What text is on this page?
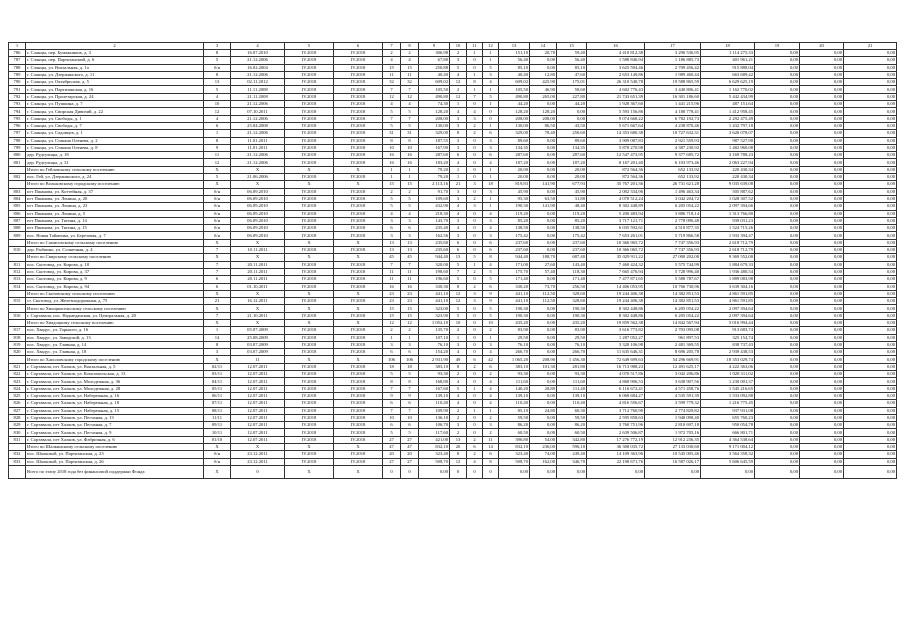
1	2	3	4	5	6	7	8	9	10	11	12	13	14	15	16	17	18	19	20	21
786	г. Сланцы, пер. Бумажников, д. 3	8	16.07.2010	IV.2018	IV.2018	2	2	306,98	2	1	1	151,10	20,70	59,40	4 410 812,38	3 296 536,95	1 114 275,33	0,00	0,00	0,00
787	г. Сланцы, пер. Партизанский, д. 6	5	21.12.2006	IV.2018	IV.2018	4	4	67,80	3	0	1	56,40	0,00	56,40	1 588 846,94	1 186 885,73	401 961,21	0,00	0,00	0,00
788	г. Сланцы, ул. Вокзальная, д. 1а	б/н	16.02.2004	IV.2018	IV.2018	15	15	250,88	5	0	5	85,10	0,00	85,10	3 625 594,46	2 709 456,42	915 888,04	0,00	0,00	0,00
789	г. Сланцы, ул. Дзержинского, д. 11	8	21.12.2006	IV.2018	IV.2018	11	11	40,40	4	1	3	40,40	12,80	47,60	2 653 149,86	1 989 460,44	663 689,42	0,00	0,00	0,00
790	г. Сланцы, ул. Октябрьская, д. 5	13	02.11.2012	IV.2018	IV.2018	32	32	609,02	12	8	4	609,02	425,90	175,01	26 310 540,78	19 588 865,59	6 629 625,19	0,00	0,00	0,00
791	г. Сланцы, ул. Партизанская, д. 16	5	11.11.2008	IV.2018	IV.2018	7	7	105,50	2	1	1	105,50	46,90	58,60	4 602 776,43	3 440 806,41	1 162 770,02	0,00	0,00	0,00
792	г. Сланцы, ул. Пролетарская, д. 24	4	21.11.2008	IV.2018	IV.2018	12	12	490,80	12	7	5	490,80	265,00	227,80	21 743 651,39	16 301 186,60	5 442 434,99	0,00	0,00	0,00
793	г. Сланцы, ул. Пушкина, д. 7	10	21.12.2006	IV.2018	IV.2018	4	4	74,30	1	0	1	44,20	0,00	44,20	1 928 367,60	1 441 215,96	487 151,64	0,00	0,00	0,00
794	г. Сланцы, ул. Свирская Дивизий, д. 22	12	07.10.2011	IV.2018	IV.2018	5	5	128,20	4	4	0	128,20	128,20	0,00	5 593 156,86	4 180 778,41	1 412 958,45	0,00	0,00	0,00
795	г. Сланцы, ул. Свободы, д. 1	4	21.12.2006	IV.2018	IV.2018	7	7	208,00	3	3	0	208,00	208,00	0,00	9 074 668,22	6 782 192,73	2 292 475,49	0,00	0,00	0,00
796	г. Сланцы, ул. Свободы, д. 7	6	25.04.2008	IV.2018	IV.2018	5	5	130,00	3	2	1	130,00	86,50	43,50	5 671 667,64	4 238 870,46	1 432 797,18	0,00	0,00	0,00
797	г. Сланцы, ул. Садовцев, д. 1	1	21.12.2006	IV.2018	IV.2018	31	31	329,00	8	2	6	329,00	78,40	250,60	14 353 680,38	10 727 632,31	3 626 078,07	0,00	0,00	0,00
798	г. Сланцы, ул. Стакана Оленева, д. 2	8	11.01.2011	IV.2018	IV.2018	8	8	187,55	3	0	3	89,60	0,00	89,60	3 909 087,83	2 921 559,93	987 527,90	0,00	0,00	0,00
799	г. Сланцы, ул. Стакана Оленева, д. 8	9	11.01.2011	IV.2018	IV.2018	10	10	167,90	3	0	3	134,35	0,00	134,35	5 870 270,98	4 387 230,92	1 482 960,08	0,00	0,00	0,00
800	дер. Рудтулицы, д. 18	11	21.12.2006	IV.2018	IV.2018	16	16	287,60	6	0	6	287,60	0,00	287,60	12 547 473,95	9 377 685,72	3 169 788,23	0,00	0,00	0,00
801	дер. Рудтулицы, д. 31	12	21.12.2006	IV.2018	IV.2018	16	16	183,20	4	0	4	187,20	0,00	187,20	8 167 201,40	6 103 973,46	2 063 227,94	0,00	0,00	0,00
	Итого по Гейловскому сельскому поселению	X	X	X	X	1	1	79,20	1	0	1	20,00	0,00	20,00	872 564,36	652 133,92	220 430,34	0,00	0,00	0,00
802	пос. Гей, ул. Дзержинского, д. 24	5	21.06.2006	IV.2018	IV.2018	1	1	79,20	1	0	1	20,00	0,00	20,00	872 564,36	652 133,92	220 430,34	0,00	0,00	0,00
	Итого по Вольковскому городскому поселению	X	X	X	X	15	15	2 113,16	21	3	18	819,83	141,90	677,93	35 767 201,36	26 731 621,28	9 035 639,08	0,00	0,00	0,00
803	пгт Пшанова, ул. Коттейная, д. 37	б/н	06.09.2010	IV.2018	IV.2018	2	2	91,70	3	0	3	45,90	0,00	45,90	2 002 334,96	1 496 463,34	505 887,62	0,00	0,00	0,00
804	пгт Пшанова, ул. Ленина, д. 20	б/н	06.09.2010	IV.2018	IV.2018	5	5	109,60	3	2	1	95,30	63,50	31,80	4 070 512,24	3 042 204,72	1 028 307,52	0,00	0,00	0,00
805	пгт Пшанова, ул. Ленина, д. 23	б/н	06.09.2010	IV.2018	IV.2018	5	5	432,90	4	3	1	190,30	141,90	48,40	8 302 448,89	6 205 054,22	2 097 394,66	0,00	0,00	0,00
806	пгт Пшанова, ул. Ленина, д. 5	б/н	06.09.2010	IV.2018	IV.2018	4	4	218,30	4	0	4	119,20	0,00	119,20	5 200 483,94	3 886 718,14	1 313 766,80	0,00	0,00	0,00
807	пгт Пшанова, ул. Тигина, д. 14	б/н	06.09.2010	IV.2018	IV.2018	3	3	143,70	3	0	3	85,20	0,00	85,20	3 717 121,71	2 778 090,48	939 031,23	0,00	0,00	0,00
808	пгт Пшанова, ул. Тигина, д. 15	б/н	06.09.2010	IV.2018	IV.2018	6	6	235,40	4	0	4	138,50	0,00	138,50	6 035 592,61	4 510 877,35	1 524 715,26	0,00	0,00	0,00
809	пос. Новая Тайменка, ул. Березовая, д. 7	б/н	06.09.2010	IV.2018	IV.2018	3	3	162,56	3	0	3	175,42	0,00	175,42	7 653 261,01	5 719 866,58	1 933 394,47	0,00	0,00	0,00
	Итого по Самисовскому сельскому поселению	X	X	X	X	13	13	235,60	6	0	6	237,60	0,00	237,60	10 366 965,72	7 747 356,93	2 618 712,79	0,00	0,00	0,00
810	дер. Рыбкино, ул. Солнечная, д. 4	7	10.11.2011	IV.2018	IV.2018	13	13	235,60	6	0	6	237,60	0,00	237,60	10 366 065,72	7 747 356,93	2 618 712,79	0,00	0,00	0,00
	Итого по Свирскому сельскому поселению	X	X	X	X	45	45	944,40	13	5	8	944,40	188,70	687,40	35 029 911,22	27 000 202,08	9 369 552,00	0,00	0,00	0,00
811	пос. Скотовод, ул. Кирова, д. 10	7	20.11.2011	IV.2018	IV.2018	7	7	320,00	5	1	4	171,00	27,60	143,40	7 460 424,32	5 575 744,99	1 884 679,33	0,00	0,00	0,00
812	пос. Скотовод, ул. Кирова, д. 37	7	20.11.2011	IV.2018	IV.2018	11	11	198,60	7	2	5	175,70	57,40	118,30	7 665 476,94	5 728 996,40	1 936 480,54	0,00	0,00	0,00
813	пос. Скотовод, ул. Кирова, д. 9	6	20.11.2011	IV.2018	IV.2018	11	11	196,60	5	0	5	171,40	0,00	171,40	7 477 871,65	5 588 787,67	1 889 083,98	0,00	0,00	0,00
814	пос. Скотовод, ул. Кирова, д. 94	6	01.10.2011	IV.2018	IV.2018	16	16	330,30	8	2	6	330,20	73,70	256,50	14 406 053,95	10 766 730,96	3 639 304,16	0,00	0,00	0,00
	Итого по Скотовскому сельскому поселению	X	X	X	X	23	23	441,10	12	3	9	441,10	112,50	328,60	19 244 406,38	14 382 851,53	4 861 591,85	0,00	0,00	0,00
815	ст. Скотовод, ул. Железнодорожная, д. 75	21	16.12.2011	IV.2018	IV.2018	23	23	441,10	12	3	9	441,10	112,50	328,60	19 244 406,38	14 382 851,53	4 861 591,85	0,00	0,00	0,00
	Итого по Хвощинсельскому сельскому поселению	X	X	X	X	15	15	323,00	5	0	5	190,30	0,00	190,30	8 302 448,86	6 205 054,22	2 097 394,64	0,00	0,00	0,00
816	г. Сортавала, пос. Надмеданская, ул. Центральная, д. 20	7	21.10.2011	IV.2018	IV.2018	15	15	323,90	5	0	5	190,30	0,00	190,30	8 302 448,86	6 205 054,22	2 097 394,64	0,00	0,00	0,00
	Итого по Хвадоцкому сельскому поселению	X	X	X	X	12	12	1 052,10	10	0	10	435,20	0,00	435,20	19 859 562,38	14 842 567,94	5 016 994,44	0,00	0,00	0,00
817	пос. Хвадус, ул. Горького, д. 16	1	05.07.2009	IV.2018	IV.2018	2	2	135,70	2	0	2	83,90	0,00	83,90	3 616 773,82	2 703 095,08	913 683,74	0,00	0,00	0,00
818	пос. Хвадус, ул. Заводской, д. 13	14	25.08.2009	IV.2018	IV.2018	1	1	107,10	1	0	1	29,50	0,00	29,50	1 287 052,27	961 897,53	325 154,74	0,00	0,00	0,00
819	пос. Хвадус, ул. Главная, д. 14	8	03.07.2009	IV.2018	IV.2018	3	3	76,10	3	0	3	76,10	0,00	76,10	3 320 106,98	2 481 369,55	838 737,43	0,00	0,00	0,00
820	пос. Хвадус, ул. Главная, д. 18	3	03.07.2009	IV.2018	IV.2018	6	6	154,20	4	0	4	266,70	0,00	266,70	11 635 646,31	8 696 205,78	2 939 438,53	0,00	0,00	0,00
	Итого по Хаполовскому городскому поселению	X	11	X	X	106	106	2 931,90	49	6	42	1 065,20	208,90	1 456,30	72 649 699,63	54 296 669,91	18 353 029,74	0,00	0,00	0,00
821	г. Сортавала, пгт Халков, ул. Вокзальная, д. 5	02/11	12.07.2011	IV.2018	IV.2018	18	18	383,10	8	2	6	383,10	101,30	281,80	16 713 988,23	12 491 625,17	4 222 363,06	0,00	0,00	0,00
822	г. Сортавала, пгт Халков, ул. Комсомольская, д. 13	03/11	12.07.2011	IV.2018	IV.2018	5	5	93,30	2	0	2	93,30	0,00	93,30	4 070 517,86	3 042 206,86	1 028 311,02	0,00	0,00	0,00
823	г. Сортавала, пгт Халков, ул. Молодежная, д. 36	04/11	12.07.2011	IV.2018	IV.2018	8	8	168,80	4	0	4	111,60	0,00	111,60	4 868 906,53	3 638 907,56	1 230 001,37	0,00	0,00	0,00
824	г. Сортавала, пгт Халков, ул. Молодежная, д. 28	05/11	12.07.2011	IV.2018	IV.2018	7	7	167,60	5	1	4	140,20	28,80	111,40	6 116 672,41	4 571 458,76	1 545 216,65	0,00	0,00	0,00
825	г. Сортавала, пгт Халков, ул. Набережная, д. 16	06/11	12.07.2011	IV.2018	IV.2018	9	9	139,10	4	0	4	139,10	0,00	139,10	6 068 684,27	4 535 591,39	1 533 092,88	0,00	0,00	0,00
826	г. Сортавала, пгт Халков, ул. Набережная, д. 18	07/11	12.07.2011	IV.2018	IV.2018	6	6	110,40	4	0	4	110,40	0,00	110,40	4 816 556,67	3 599 779,32	1 216 775,45	0,00	0,00	0,00
827	г. Сортавала, пгт Халков, ул. Набережная, д. 15	08/11	12.07.2011	IV.2018	IV.2018	7	7	109,90	2	1	1	85,10	24,80	60,30	3 712 760,90	2 774 829,82	937 931,08	0,00	0,00	0,00
828	г. Сортавала, пгт Халков, ул. Песчаная, д. 13	11/11	12.07.2011	IV.2018	IV.2018	10	10	136,10	2	0	2	59,50	0,00	59,50	2 595 858,63	1 940 098,40	655 760,23	0,00	0,00	0,00
829	г. Сортавала, пгт Халков, ул. Песчаная, д. 7	09/11	12.07.2011	IV.2018	IV.2018	6	6	106,70	3	0	3	86,20	0,00	86,20	3 760 751,96	2 810 697,18	950 054,78	0,00	0,00	0,00
830	г. Сортавала, пгт Халков, ул. Песчаная, д. 9	10/11	12.07.2011	IV.2018	IV.2018	5	5	117,60	2	0	2	60,50	0,00	60,50	2 639 506,87	1 972 705,16	666 801,71	0,00	0,00	0,00
831	г. Сортавала, пгт Халков, ул. Фабричная, д. 6	01/10	12.07.2011	IV.2018	IV.2018	27	27	421,00	13	2	11	396,80	54,00	342,80	17 276 772,19	12 912 236,35	4 364 538,64	0,00	0,00	0,00
	Итого по Шалкинскому сельскому поселению	X	X	X	X	47	47	832,10	20	6	14	832,10	236,00	596,10	36 308 035,72	27 133 030,60	9 171 004,12	0,00	0,00	0,00
832	пос. Шалковой, ул. Партизанская, д. 23	б/н	23.12.2011	IV.2018	IV.2018	20	20	323,40	8	2	6	323,40	74,00	249,40	14 109 363,96	10 545 005,46	3 564 358,32	0,00	0,00	0,00
833	пос. Шалковой, ул. Партизанская, д. 26	б/н	23.12.2011	IV.2018	IV.2018	27	27	508,70	12	4	8	508,70	162,00	346,70	22 198 671,76	16 587 026,17	5 606 645,59	0,00	0,00	0,00
	Всего по этапу 2018 года без финансовой поддержки Фонда	X	0	X	X	0	0	0,00	0	0	0	0,00	0,00	0,00	0,00	0,00	0,00	0,00	0,00	0,00
